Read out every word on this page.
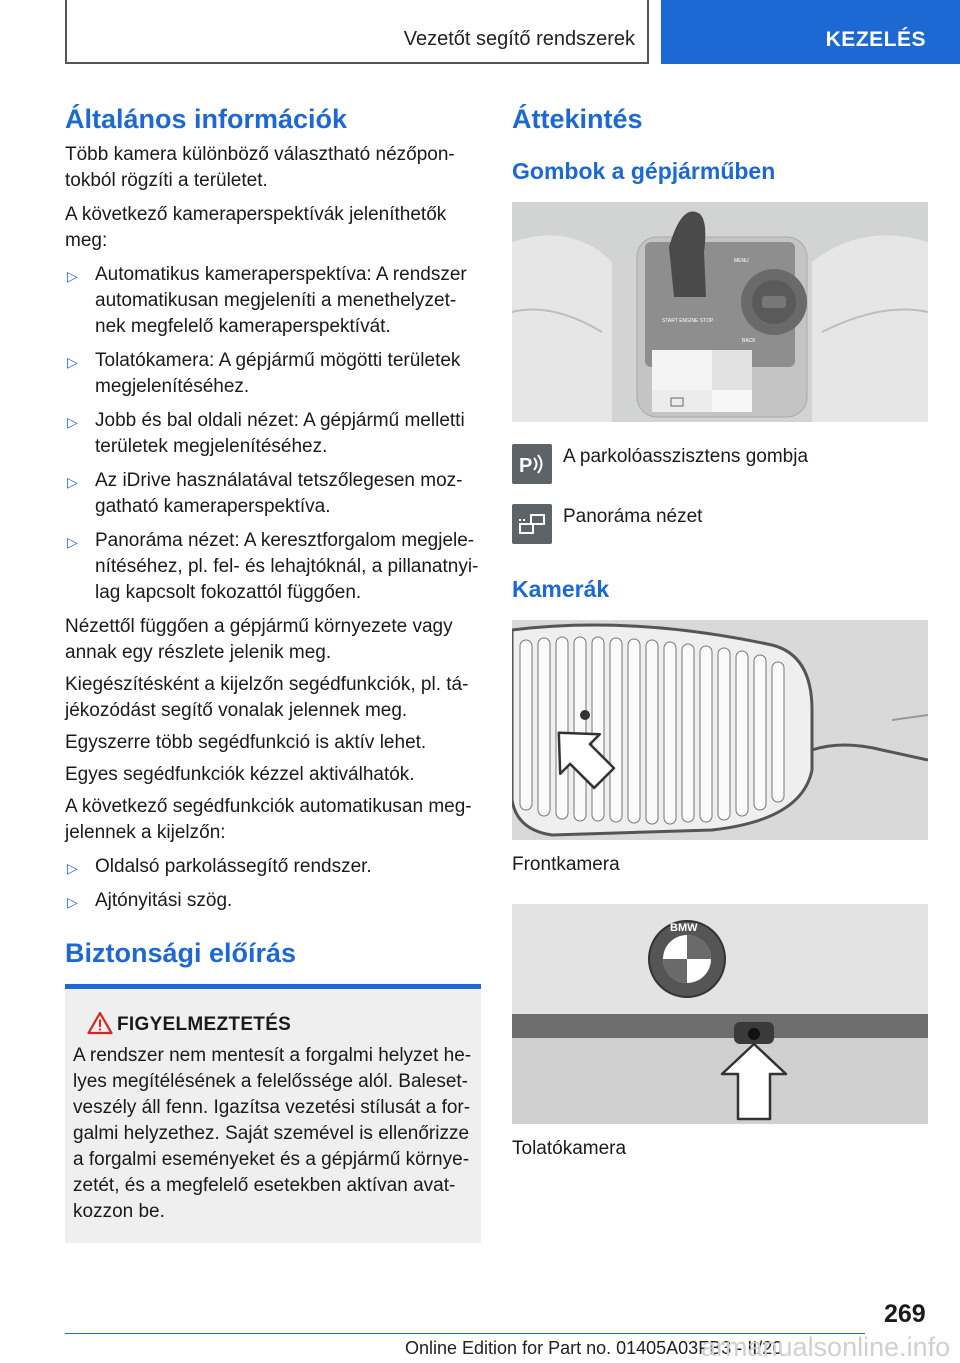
Vezetőt segítő rendszerek	KEZELÉS
Általános információk

Több kamera különböző választható nézőpon-tokból rögzíti a területet.

A következő kameraperspektívák jeleníthetők meg:

▷ Automatikus kameraperspektíva: A rendszer automatikusan megjeleníti a menethelyzet-nek megfelelő kameraperspektívát.
▷ Tolatókamera: A gépjármű mögötti területek megjelenítéséhez.
▷ Jobb és bal oldali nézet: A gépjármű melletti területek megjelenítéséhez.
▷ Az iDrive használatával tetszőlegesen moz-gatható kameraperspektíva.
▷ Panoráma nézet: A keresztforgalom megjele-nítéséhez, pl. fel- és lehajtóknál, a pillanatnyi-lag kapcsolt fokozattól függően.

Nézettől függően a gépjármű környezete vagy annak egy részlete jelenik meg.

Kiegészítésként a kijelzőn segédfunkciók, pl. tá-jékozódást segítő vonalak jelennek meg.

Egyszerre több segédfunkció is aktív lehet.

Egyes segédfunkciók kézzel aktiválhatók.

A következő segédfunkciók automatikusan meg-jelennek a kijelzőn:

▷ Oldalsó parkolássegítő rendszer.
▷ Ajtónyitási szög.
Biztonsági előírás
FIGYELMEZTETÉS

A rendszer nem mentesít a forgalmi helyzet he-lyes megítélésének a felelőssége alól. Baleset-veszély áll fenn. Igazítsa vezetési stílusát a for-galmi helyzethez. Saját szemével is ellenőrizze a forgalmi eseményeket és a gépjármű környe-zetét, és a megfelelő esetekben aktívan avat-kozzon be.

Áttekintés
Gombok a gépjárműben
START ENGINE STOP
MENU
BACK
P A parkolóasszisztens gombja

Panoráma nézet

Kamerák

Frontkamera

BMW

Tolatókamera

269
Online Edition for Part no. 01405A03FB3 - II/20
armanualsonline.info
